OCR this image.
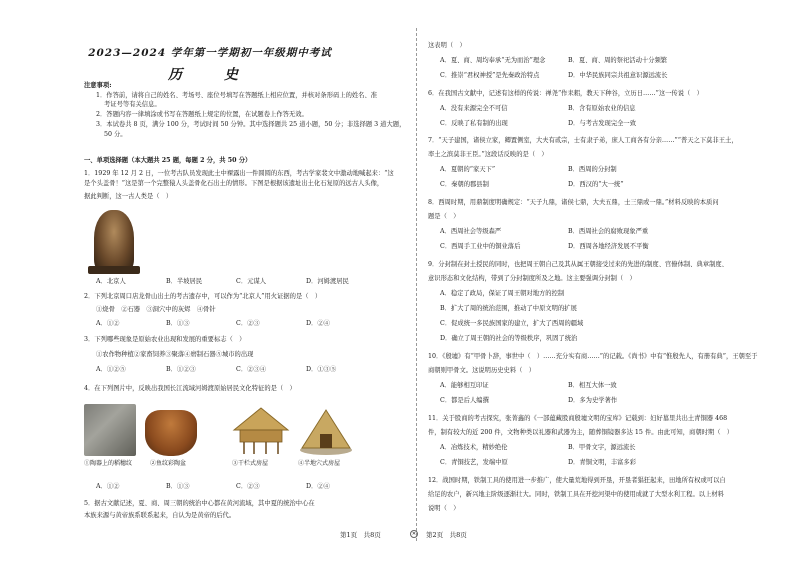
2023—2024 学年第一学期初一年级期中考试
历　史
注意事项:
1．作答前，请将自己的姓名、考场号、座位号填写在答题纸上相应位置，并核对条形码上的姓名、准
考证号等有关信息。
2．答题内容一律填涂或书写在答题纸上规定的位置，在试题卷上作答无效。
3．本试卷共 8 页，满分 100 分，考试时间 50 分钟。其中选择题共 25 道小题，50 分；非选择题 3 道大题，
50 分。
一、单项选择题（本大题共 25 题，每题 2 分，共 50 分）
1．1929 年 12 月 2 日，一位考古队员发现此土中裸露出一件圆圆的东西，考古学家裴文中激动地喊起来：“这
是个头盖骨！”这是第一个完整猿人头盖骨化石出土的情形。下图是根据该遗址出土化石复原的远古人头像，
据此判断，这一古人类是（　）
A．北京人	B．半坡居民	C．元谋人	D．河姆渡居民
2．下列北京周口店龙骨山出土的考古遗存中，可以作为“北京人”用火证据的是（　）
①烧骨　②石器　③洞穴中的灰烬　④骨针
A．①②	B．①③	C．②③	D．②④
3．下列哪些现象是原始农业出现和发展的重要标志（　）
①农作物种植②家畜饲养③聚落④磨制石器⑤城市的出现
A．①②⑤	B．①②③	C．②③④	D．①③⑤
4．在下列图片中，反映出我国长江流域河姆渡原始居民文化特征的是（　）
①陶器上的稻穗纹	②鱼纹彩陶盆	③干栏式房屋	④半地穴式房屋
A．①②	B．①③	C．②③	D．②④
5．据古文献记述，夏、商、周三朝的统治中心都在黄河流域，其中夏的统治中心在
本族来源与黄帝族系联系起来，自认为是黄帝的后代。
第1页　共8页	✕
这表明（　）
A．夏、商、周均奉承“无为而治”理念	B．夏、商、周的祭祀活动十分频繁
C．推崇“君权神授”是先秦政治特点	D．中华民族同宗共祖意识源远流长
6．在我国古文献中，记述有这样的传说：禅尧“作耒耜，教天下种谷，立历日……”这一传说（　）
A．没有来源完全不可信	B．含有原始农业的信息
C．反映了私有制的出现	D．与考古发现完全一致
7．“天子建国，诸侯立家，卿置侧室，大夫有贰宗，士有隶子弟，庶人工商各有分亲……”“普天之下莫非王土，
率土之滨莫非王臣。”这段话反映的是（　）
A．夏朝的“家天下”	B．西周的分封制
C．秦朝的郡县制	D．西汉的“大一统”
8．西周时期，用鼎制度明确规定：“天子九鼎，诸侯七鼎，大夫五鼎，士三鼎或一鼎。”材料反映的本质问
题是（　）
A．西周社会等级森严	B．西周社会的腐败现象严重
C．西周手工业中的铜业落后	D．西周各地经济发展不平衡
9．分封制在封土授民的同时，也把周王朝自己及其从属王朝接受过来的先进的制度、官僚体制、典章制度、
意识形态和文化结构，带到了分封制度所及之地。这主要强调分封制（　）
A．稳定了政局，保证了周王朝对地方的控制
B．扩大了周的统治范围，推动了中原文明的扩展
C．促成统一多民族国家的建立，扩大了西周的疆域
D．确立了周王朝的社会的等级秩序，巩固了统治
10．《殷墟》有“甲骨卜辞，事世中（　）……充分实有商……”的记载。《尚书》中有“惟殷先人，有册有典”，王朝至于
商朝则甲骨文。这说明历史史料（　）
A．能够相互印证	B．相互大体一致
C．都是后人编撰	D．多为史学著作
11．关于股商的考古探究，张菁鑫的《一部蕴藏股商殷墟文明的宝库》记载到：妇好墓里共出土青铜器 468
件，制有较大的近 200 件，文物种类以礼器和武器为主，随葬铜镜器多达 15 件。由此可知，商朝时期（　）
A．冶炼技术，精妙绝伦	B．甲骨文字，源远流长
C．青铜技艺，发端中原	D．青铜文明，丰富多彩
12．战国时期，铁制工具的使用进一步推广，使大量荒地得到开垦，开垦者猖狂起来，田地所有权或可以自
给足的农户，新兴地主阶级逐渐壮大。同时，铁制工具在开挖河渠中的使用成就了大型水利工程。以上材料
说明（　）
第2页　共8页
